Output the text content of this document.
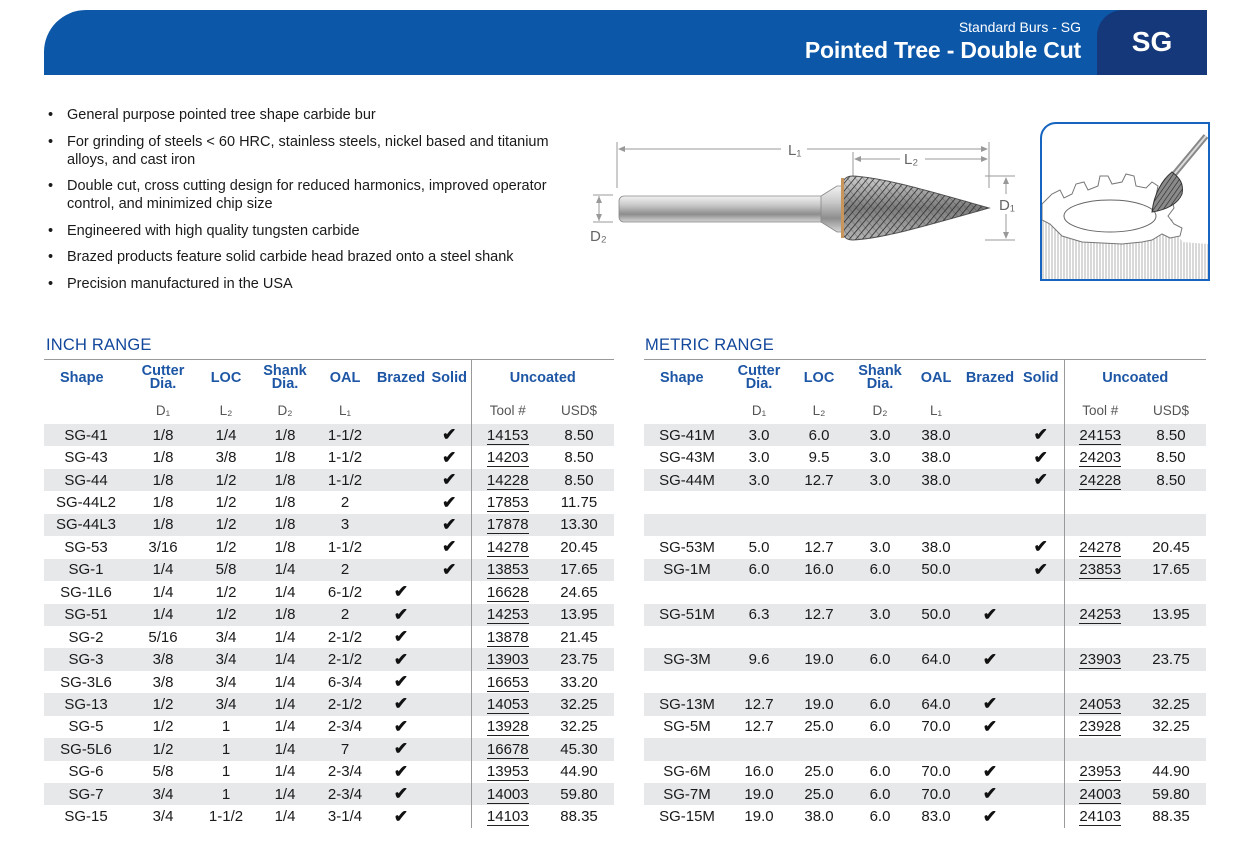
Standard Burs - SG
Pointed Tree - Double Cut	SG
• General purpose pointed tree shape carbide bur
• For grinding of steels < 60 HRC, stainless steels, nickel based and titanium alloys, and cast iron
• Double cut, cross cutting design for reduced harmonics, improved operator control, and minimized chip size
• Engineered with high quality tungsten carbide
• Brazed products feature solid carbide head brazed onto a steel shank
• Precision manufactured in the USA
L₁
L₂
D₁
D₂
INCH RANGE	METRIC RANGE
Shape	Cutter Dia.	LOC	Shank Dia.	OAL	Brazed	Solid	Uncoated	
	D₁	L₂	D₂	L₁			Tool #	USD$
SG-41	1/8	1/4	1/8	1-1/2		✔	14153	8.50
SG-43	1/8	3/8	1/8	1-1/2		✔	14203	8.50
SG-44	1/8	1/2	1/8	1-1/2		✔	14228	8.50
SG-44L2	1/8	1/2	1/8	2		✔	17853	11.75
SG-44L3	1/8	1/2	1/8	3		✔	17878	13.30
SG-53	3/16	1/2	1/8	1-1/2		✔	14278	20.45
SG-1	1/4	5/8	1/4	2		✔	13853	17.65
SG-1L6	1/4	1/2	1/4	6-1/2	✔		16628	24.65
SG-51	1/4	1/2	1/8	2	✔		14253	13.95
SG-2	5/16	3/4	1/4	2-1/2	✔		13878	21.45
SG-3	3/8	3/4	1/4	2-1/2	✔		13903	23.75
SG-3L6	3/8	3/4	1/4	6-3/4	✔		16653	33.20
SG-13	1/2	3/4	1/4	2-1/2	✔		14053	32.25
SG-5	1/2	1	1/4	2-3/4	✔		13928	32.25
SG-5L6	1/2	1	1/4	7	✔		16678	45.30
SG-6	5/8	1	1/4	2-3/4	✔		13953	44.90
SG-7	3/4	1	1/4	2-3/4	✔		14003	59.80
SG-15	3/4	1-1/2	1/4	3-1/4	✔		14103	88.35
Shape	Cutter Dia.	LOC	Shank Dia.	OAL	Brazed	Solid	Uncoated	
	D₁	L₂	D₂	L₁			Tool #	USD$
SG-41M	3.0	6.0	3.0	38.0		✔	24153	8.50
SG-43M	3.0	9.5	3.0	38.0		✔	24203	8.50
SG-44M	3.0	12.7	3.0	38.0		✔	24228	8.50

SG-53M	5.0	12.7	3.0	38.0		✔	24278	20.45
SG-1M	6.0	16.0	6.0	50.0		✔	23853	17.65

SG-51M	6.3	12.7	3.0	50.0	✔		24253	13.95

SG-3M	9.6	19.0	6.0	64.0	✔		23903	23.75

SG-13M	12.7	19.0	6.0	64.0	✔		24053	32.25
SG-5M	12.7	25.0	6.0	70.0	✔		23928	32.25

SG-6M	16.0	25.0	6.0	70.0	✔		23953	44.90
SG-7M	19.0	25.0	6.0	70.0	✔		24003	59.80
SG-15M	19.0	38.0	6.0	83.0	✔		24103	88.35
